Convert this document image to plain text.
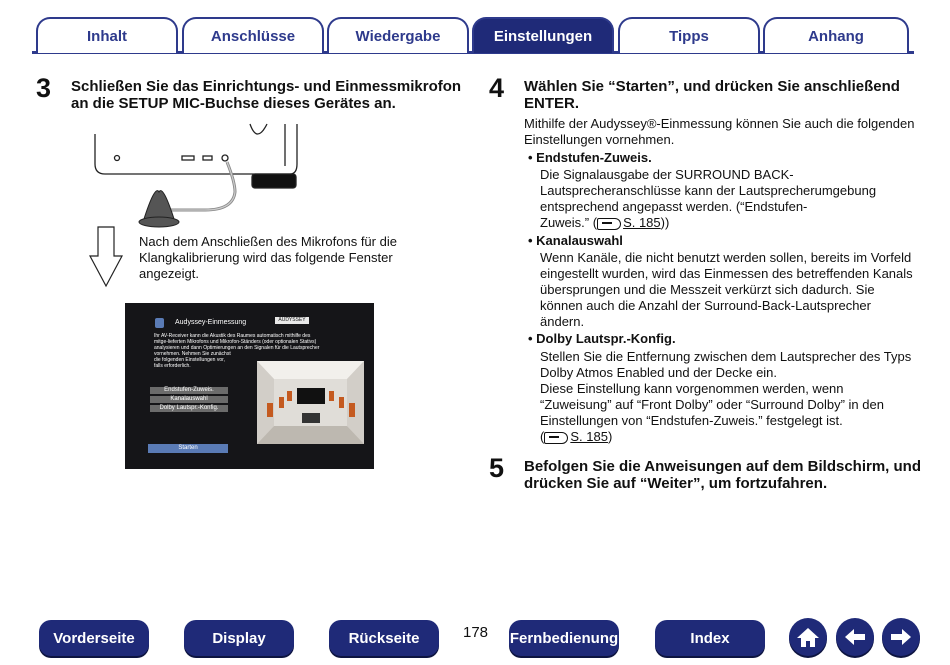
Inhalt	Anschlüsse	Wiedergabe	Einstellungen	Tipps	Anhang
3 Schließen Sie das Einrichtungs- und Einmessmikrofon
an die SETUP MIC-Buchse dieses Gerätes an.
Nach dem Anschließen des Mikrofons für die
Klangkalibrierung wird das folgende Fenster
angezeigt.
Audyssey-Einmessung	AUDYSSEY
Ihr AV-Receiver kann die Akustik des Raumes automatisch mithilfe des
mitge-lieferten Mikrofons und Mikrofon-Ständers (oder optionalen Stativs)
analysieren und dann Optimierungen an den Signalen für die Lautsprecher
vornehmen. Nehmen Sie zunächst
die folgenden Einstellungen vor,
falls erforderlich.
Endstufen-Zuweis.
Kanalauswahl
Dolby Lautspr.-Konfig.
Starten
4 Wählen Sie “Starten”, und drücken Sie anschließend
ENTER.
Mithilfe der Audyssey®-Einmessung können Sie auch die folgenden
Einstellungen vornehmen.
• Endstufen-Zuweis.
Die Signalausgabe der SURROUND BACK-
Lautsprecheranschlüsse kann der Lautsprecherumgebung
entsprechend angepasst werden. (“Endstufen-
Zuweis.” ( S. 185))
• Kanalauswahl
Wenn Kanäle, die nicht benutzt werden sollen, bereits im Vorfeld
eingestellt wurden, wird das Einmessen des betreffenden Kanals
übersprungen und die Messzeit verkürzt sich dadurch. Sie
können auch die Anzahl der Surround-Back-Lautsprecher
ändern.
• Dolby Lautspr.-Konfig.
Stellen Sie die Entfernung zwischen dem Lautsprecher des Typs
Dolby Atmos Enabled und der Decke ein.
Diese Einstellung kann vorgenommen werden, wenn
“Zuweisung” auf “Front Dolby” oder “Surround Dolby” in den
Einstellungen von “Endstufen-Zuweis.” festgelegt ist.
( S. 185)
5 Befolgen Sie die Anweisungen auf dem Bildschirm, und
drücken Sie auf “Weiter”, um fortzufahren.
Vorderseite	Display	Rückseite	178 Fernbedienung	Index
